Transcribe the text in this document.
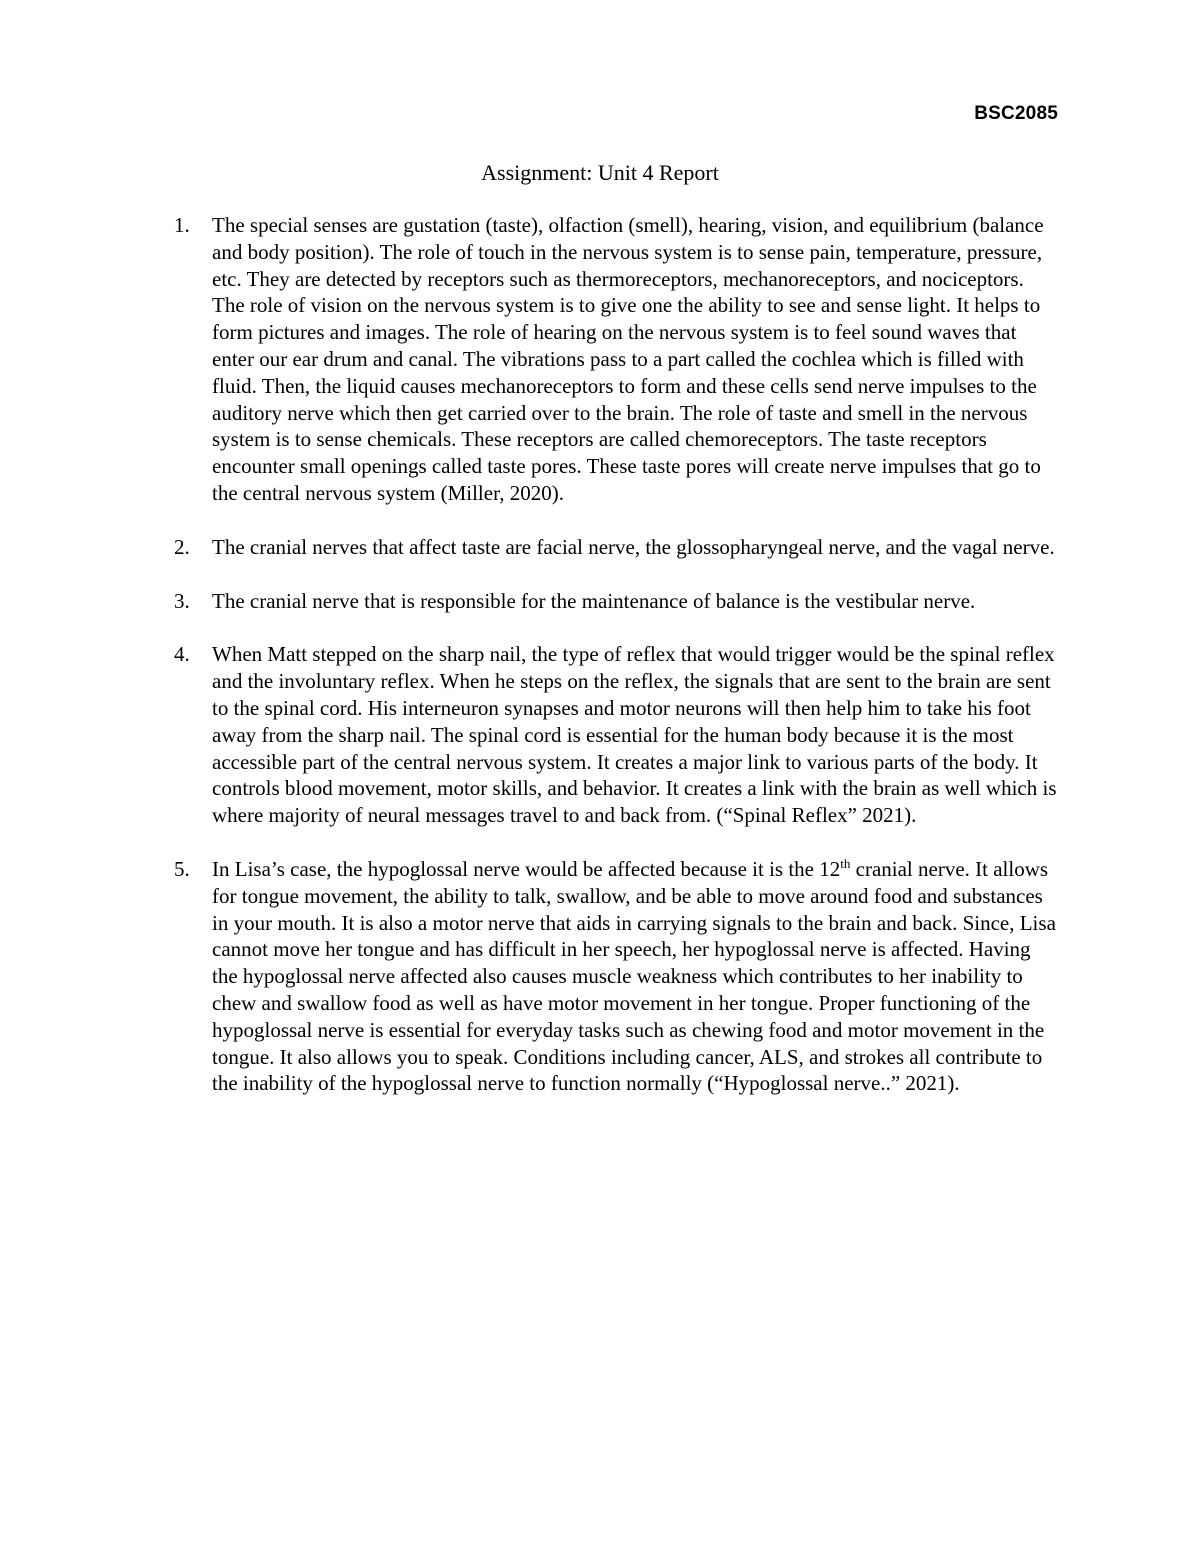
BSC2085
Assignment: Unit 4 Report
1. The special senses are gustation (taste), olfaction (smell), hearing, vision, and equilibrium (balance and body position). The role of touch in the nervous system is to sense pain, temperature, pressure, etc. They are detected by receptors such as thermoreceptors, mechanoreceptors, and nociceptors. The role of vision on the nervous system is to give one the ability to see and sense light. It helps to form pictures and images. The role of hearing on the nervous system is to feel sound waves that enter our ear drum and canal. The vibrations pass to a part called the cochlea which is filled with fluid. Then, the liquid causes mechanoreceptors to form and these cells send nerve impulses to the auditory nerve which then get carried over to the brain. The role of taste and smell in the nervous system is to sense chemicals. These receptors are called chemoreceptors. The taste receptors encounter small openings called taste pores. These taste pores will create nerve impulses that go to the central nervous system (Miller, 2020).
2. The cranial nerves that affect taste are facial nerve, the glossopharyngeal nerve, and the vagal nerve.
3. The cranial nerve that is responsible for the maintenance of balance is the vestibular nerve.
4. When Matt stepped on the sharp nail, the type of reflex that would trigger would be the spinal reflex and the involuntary reflex. When he steps on the reflex, the signals that are sent to the brain are sent to the spinal cord. His interneuron synapses and motor neurons will then help him to take his foot away from the sharp nail. The spinal cord is essential for the human body because it is the most accessible part of the central nervous system. It creates a major link to various parts of the body. It controls blood movement, motor skills, and behavior. It creates a link with the brain as well which is where majority of neural messages travel to and back from. (“Spinal Reflex” 2021).
5. In Lisa’s case, the hypoglossal nerve would be affected because it is the 12th cranial nerve. It allows for tongue movement, the ability to talk, swallow, and be able to move around food and substances in your mouth. It is also a motor nerve that aids in carrying signals to the brain and back. Since, Lisa cannot move her tongue and has difficult in her speech, her hypoglossal nerve is affected. Having the hypoglossal nerve affected also causes muscle weakness which contributes to her inability to chew and swallow food as well as have motor movement in her tongue. Proper functioning of the hypoglossal nerve is essential for everyday tasks such as chewing food and motor movement in the tongue. It also allows you to speak. Conditions including cancer, ALS, and strokes all contribute to the inability of the hypoglossal nerve to function normally (“Hypoglossal nerve..” 2021).
